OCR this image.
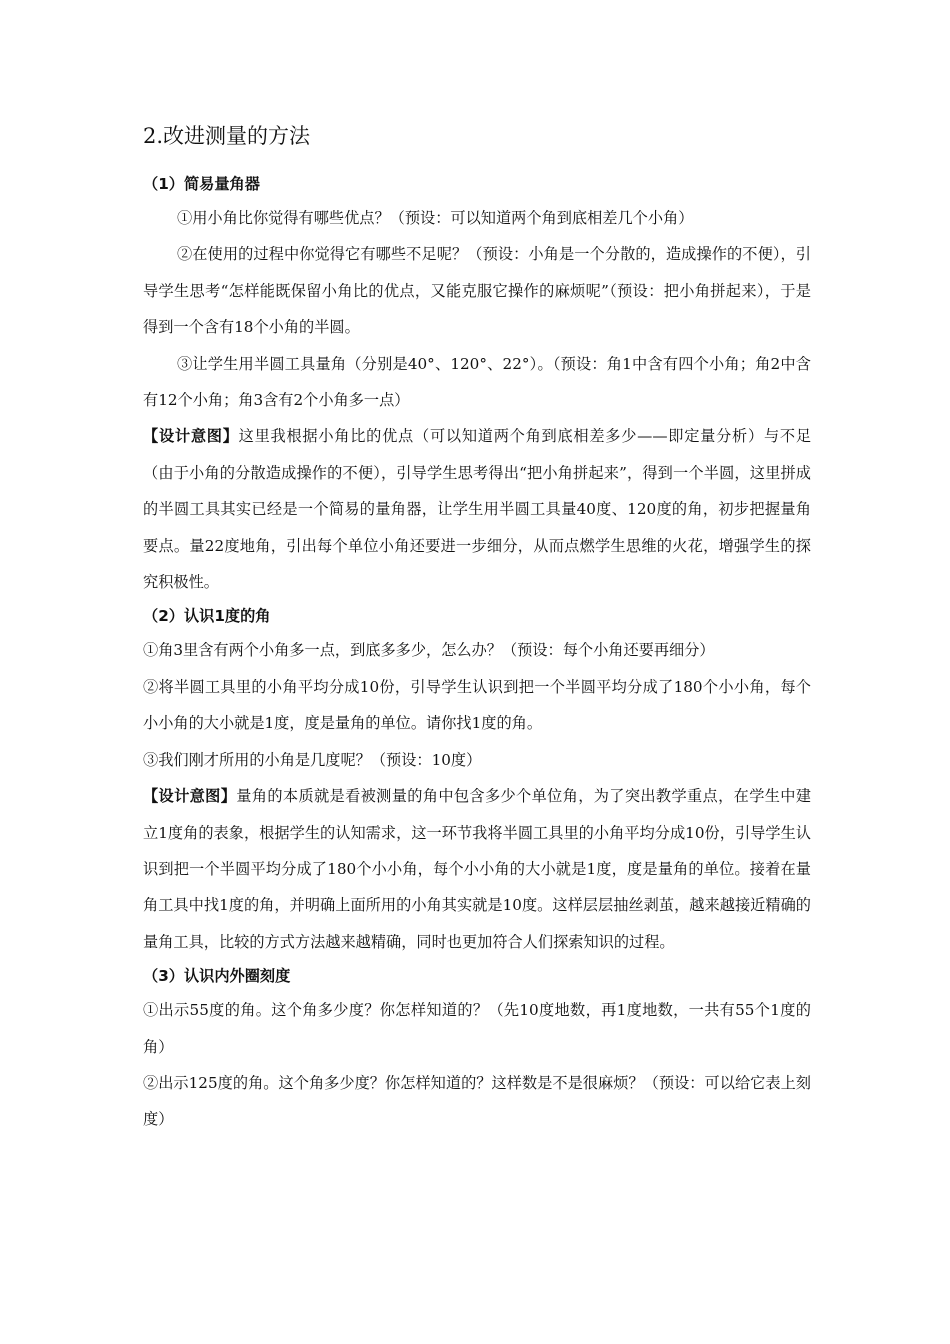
2.改进测量的方法
（1）简易量角器

①用小角比你觉得有哪些优点？（预设：可以知道两个角到底相差几个小角）

②在使用的过程中你觉得它有哪些不足呢？（预设：小角是一个分散的，造成操作的不便），引导学生思考“怎样能既保留小角比的优点，又能克服它操作的麻烦呢”（预设：把小角拼起来），于是得到一个含有18个小角的半圆。

③让学生用半圆工具量角（分别是40°、120°、22°）。（预设：角1中含有四个小角；角2中含有12个小角；角3含有2个小角多一点）

【设计意图】这里我根据小角比的优点（可以知道两个角到底相差多少——即定量分析）与不足（由于小角的分散造成操作的不便），引导学生思考得出“把小角拼起来”，得到一个半圆，这里拼成的半圆工具其实已经是一个简易的量角器，让学生用半圆工具量40度、120度的角，初步把握量角要点。量22度地角，引出每个单位小角还要进一步细分，从而点燃学生思维的火花，增强学生的探究积极性。

（2）认识1度的角

①角3里含有两个小角多一点，到底多多少，怎么办？（预设：每个小角还要再细分）

②将半圆工具里的小角平均分成10份，引导学生认识到把一个半圆平均分成了180个小小角，每个小小角的大小就是1度，度是量角的单位。请你找1度的角。

③我们刚才所用的小角是几度呢？（预设：10度）

【设计意图】量角的本质就是看被测量的角中包含多少个单位角，为了突出教学重点，在学生中建立1度角的表象，根据学生的认知需求，这一环节我将半圆工具里的小角平均分成10份，引导学生认识到把一个半圆平均分成了180个小小角，每个小小角的大小就是1度，度是量角的单位。接着在量角工具中找1度的角，并明确上面所用的小角其实就是10度。这样层层抽丝剥茧，越来越接近精确的量角工具，比较的方式方法越来越精确，同时也更加符合人们探索知识的过程。

（3）认识内外圈刻度

①出示55度的角。这个角多少度？你怎样知道的？（先10度地数，再1度地数，一共有55个1度的角）

②出示125度的角。这个角多少度？你怎样知道的？这样数是不是很麻烦？（预设：可以给它表上刻度）
